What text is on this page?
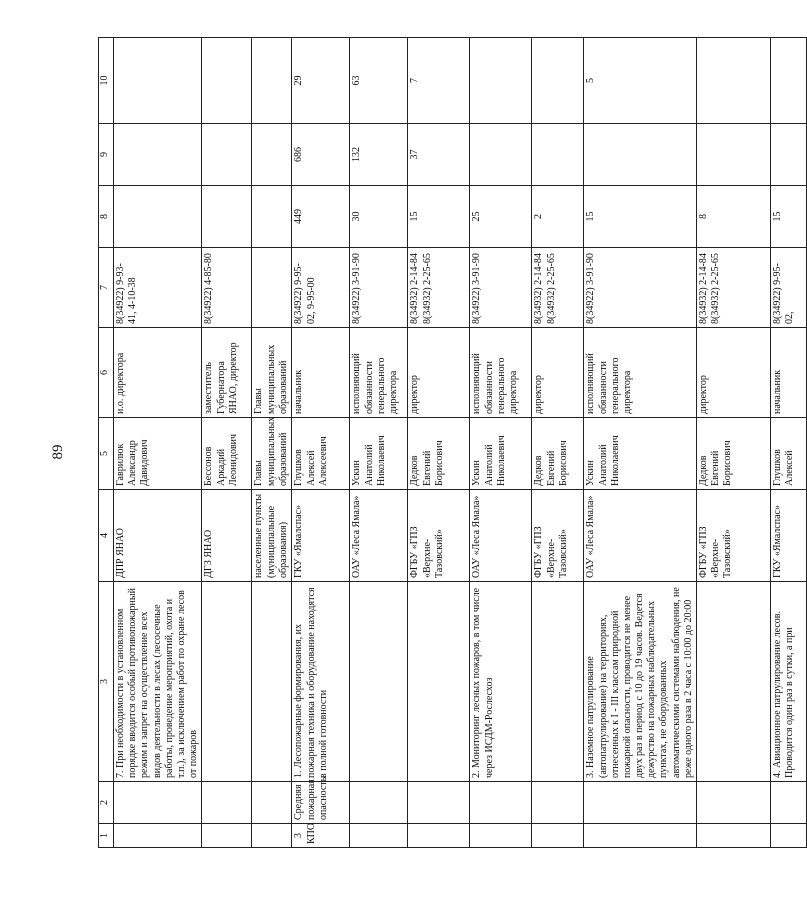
89
1	2	3	4	5	6	7	8	9	10
		7. При необходимости в установленном порядке вводится особый противопожарный режим и запрет на осуществление всех видов деятельности в лесах (лесосечные работы, проведение мероприятий, охота и т.п.), за исключением работ по охране лесов от пожаров	ДПР ЯНАО	Гаврилюк Александр Давидович	и.о. директора	8(34922) 9-93-41, 4-10-38			
			ДГЗ ЯНАО	Бессонов Аркадий Леонидович	заместитель Губернатора ЯНАО, директор	8(34922) 4-85-80			
			населенные пункты (муниципальные образования)	Главы муниципальных образований	Главы муниципальных образований				
3 КПО	Средняя пожарная опасность	1. Лесопожарные формирования, их пожарная техника и оборудование находятся в полной готовности	ГКУ «Ямалспас»	Глушков Алексей Алексеевич	начальник	8(34922) 9-95-02, 9-95-00	449	686	29
			ОАУ «Леса Ямала»	Ускин Анатолий Николаевич	исполняющий обязанности генерального директора	8(34922) 3-91-90	30	132	63
			ФГБУ «ГПЗ «Верхне-Тазовский»	Дедков Евгений Борисович	директор	8(34932) 2-14-84 8(34932) 2-25-65	15	37	7
		2. Мониторинг лесных пожаров, в том числе через ИСДМ-Рослесхоз	ОАУ «Леса Ямала»	Ускин Анатолий Николаевич	исполняющий обязанности генерального директора	8(34922) 3-91-90	25		
			ФГБУ «ГПЗ «Верхне-Тазовский»	Дедков Евгений Борисович	директор	8(34932) 2-14-84 8(34932) 2-25-65	2		
		3. Наземное патрулирование (автопатрулирование) на территориях, отнесенных к I - III классам природной пожарной опасности, проводится не менее двух раз в период с 10 до 19 часов. Ведется дежурство на пожарных наблюдательных пунктах, не оборудованных автоматическими системами наблюдения, не реже одного раза в 2 часа с 10:00 до 20:00	ОАУ «Леса Ямала»	Ускин Анатолий Николаевич	исполняющий обязанности генерального директора	8(34922) 3-91-90	15		5
			ФГБУ «ГПЗ «Верхне-Тазовский»	Дедков Евгений Борисович	директор	8(34932) 2-14-84 8(34932) 2-25-65	8		
		4. Авиационное патрулирование лесов. Проводится один раз в сутки, а при	ГКУ «Ямалспас»	Глушков Алексей	начальник	8(34922) 9-95-02,	15		
